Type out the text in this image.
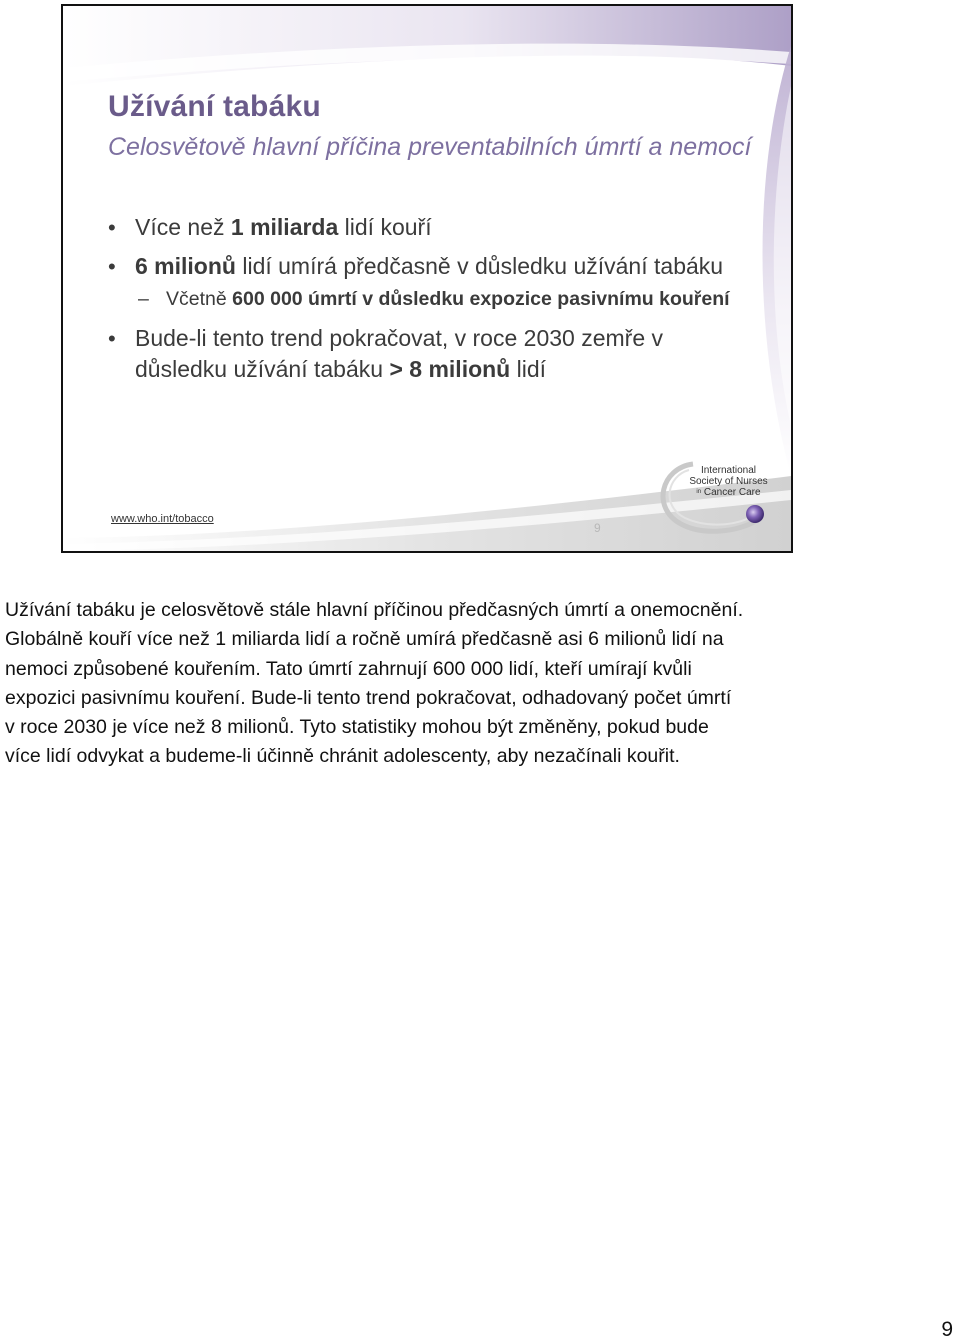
Užívání tabáku

Celosvětově hlavní příčina preventabilních úmrtí a nemocí

• Více než 1 miliarda lidí kouří
• 6 milionů lidí umírá předčasně v důsledku užívání tabáku
– Včetně 600 000 úmrtí v důsledku expozice pasivnímu kouření
• Bude-li tento trend pokračovat, v roce 2030 zemře v důsledku užívání tabáku > 8 milionů lidí
International
Society of Nurses
in Cancer Care
www.who.int/tobacco
9

Užívání tabáku je celosvětově stále hlavní příčinou předčasných úmrtí a onemocnění.
Globálně kouří více než 1 miliarda lidí a ročně umírá předčasně asi 6 milionů lidí na
nemoci způsobené kouřením. Tato úmrtí zahrnují 600 000 lidí, kteří umírají kvůli
expozici pasivnímu kouření. Bude-li tento trend pokračovat, odhadovaný počet úmrtí
v roce 2030 je více než 8 milionů. Tyto statistiky mohou být změněny, pokud bude
více lidí odvykat a budeme-li účinně chránit adolescenty, aby nezačínali kouřit.

9
